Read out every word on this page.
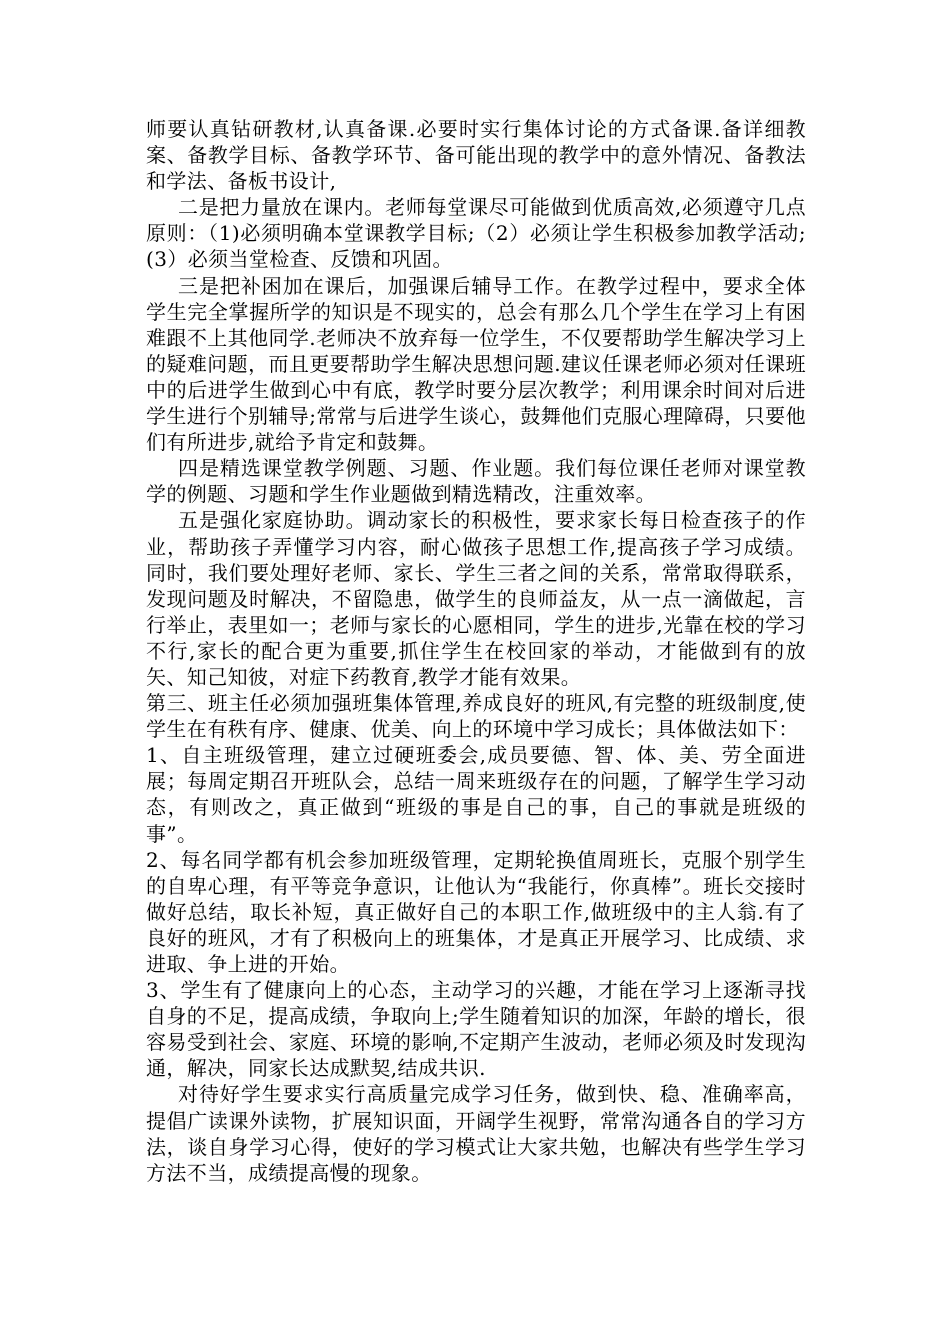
师要认真钻研教材,认真备课.必要时实行集体讨论的方式备课.备详细教案、备教学目标、备教学环节、备可能出现的教学中的意外情况、备教法和学法、备板书设计,

二是把力量放在课内。老师每堂课尽可能做到优质高效,必须遵守几点原则：（1)必须明确本堂课教学目标;（2）必须让学生积极参加教学活动;(3）必须当堂检查、反馈和巩固。

三是把补困加在课后，加强课后辅导工作。在教学过程中，要求全体学生完全掌握所学的知识是不现实的，总会有那么几个学生在学习上有困难跟不上其他同学.老师决不放弃每一位学生，不仅要帮助学生解决学习上的疑难问题，而且更要帮助学生解决思想问题.建议任课老师必须对任课班中的后进学生做到心中有底，教学时要分层次教学；利用课余时间对后进学生进行个别辅导;常常与后进学生谈心，鼓舞他们克服心理障碍，只要他们有所进步,就给予肯定和鼓舞。

四是精选课堂教学例题、习题、作业题。我们每位课任老师对课堂教学的例题、习题和学生作业题做到精选精改，注重效率。

五是强化家庭协助。调动家长的积极性，要求家长每日检查孩子的作业，帮助孩子弄懂学习内容，耐心做孩子思想工作,提高孩子学习成绩。 同时，我们要处理好老师、家长、学生三者之间的关系，常常取得联系，发现问题及时解决，不留隐患，做学生的良师益友，从一点一滴做起，言行举止，表里如一；老师与家长的心愿相同，学生的进步,光靠在校的学习不行,家长的配合更为重要,抓住学生在校回家的举动，才能做到有的放矢、知己知彼，对症下药教育,教学才能有效果。

第三、班主任必须加强班集体管理,养成良好的班风,有完整的班级制度,使学生在有秩有序、健康、优美、向上的环境中学习成长；具体做法如下：

1、自主班级管理，建立过硬班委会,成员要德、智、体、美、劳全面进展；每周定期召开班队会，总结一周来班级存在的问题，了解学生学习动态，有则改之，真正做到“班级的事是自己的事，自己的事就是班级的事”。

2、每名同学都有机会参加班级管理，定期轮换值周班长，克服个别学生的自卑心理，有平等竞争意识，让他认为“我能行，你真棒”。班长交接时做好总结，取长补短，真正做好自己的本职工作,做班级中的主人翁.有了良好的班风，才有了积极向上的班集体，才是真正开展学习、比成绩、求进取、争上进的开始。

3、学生有了健康向上的心态，主动学习的兴趣，才能在学习上逐渐寻找自身的不足，提高成绩，争取向上;学生随着知识的加深，年龄的增长，很容易受到社会、家庭、环境的影响,不定期产生波动，老师必须及时发现沟通，解决，同家长达成默契,结成共识.

对待好学生要求实行高质量完成学习任务，做到快、稳、准确率高，提倡广读课外读物，扩展知识面，开阔学生视野，常常沟通各自的学习方法，谈自身学习心得，使好的学习模式让大家共勉，也解决有些学生学习方法不当，成绩提高慢的现象。
